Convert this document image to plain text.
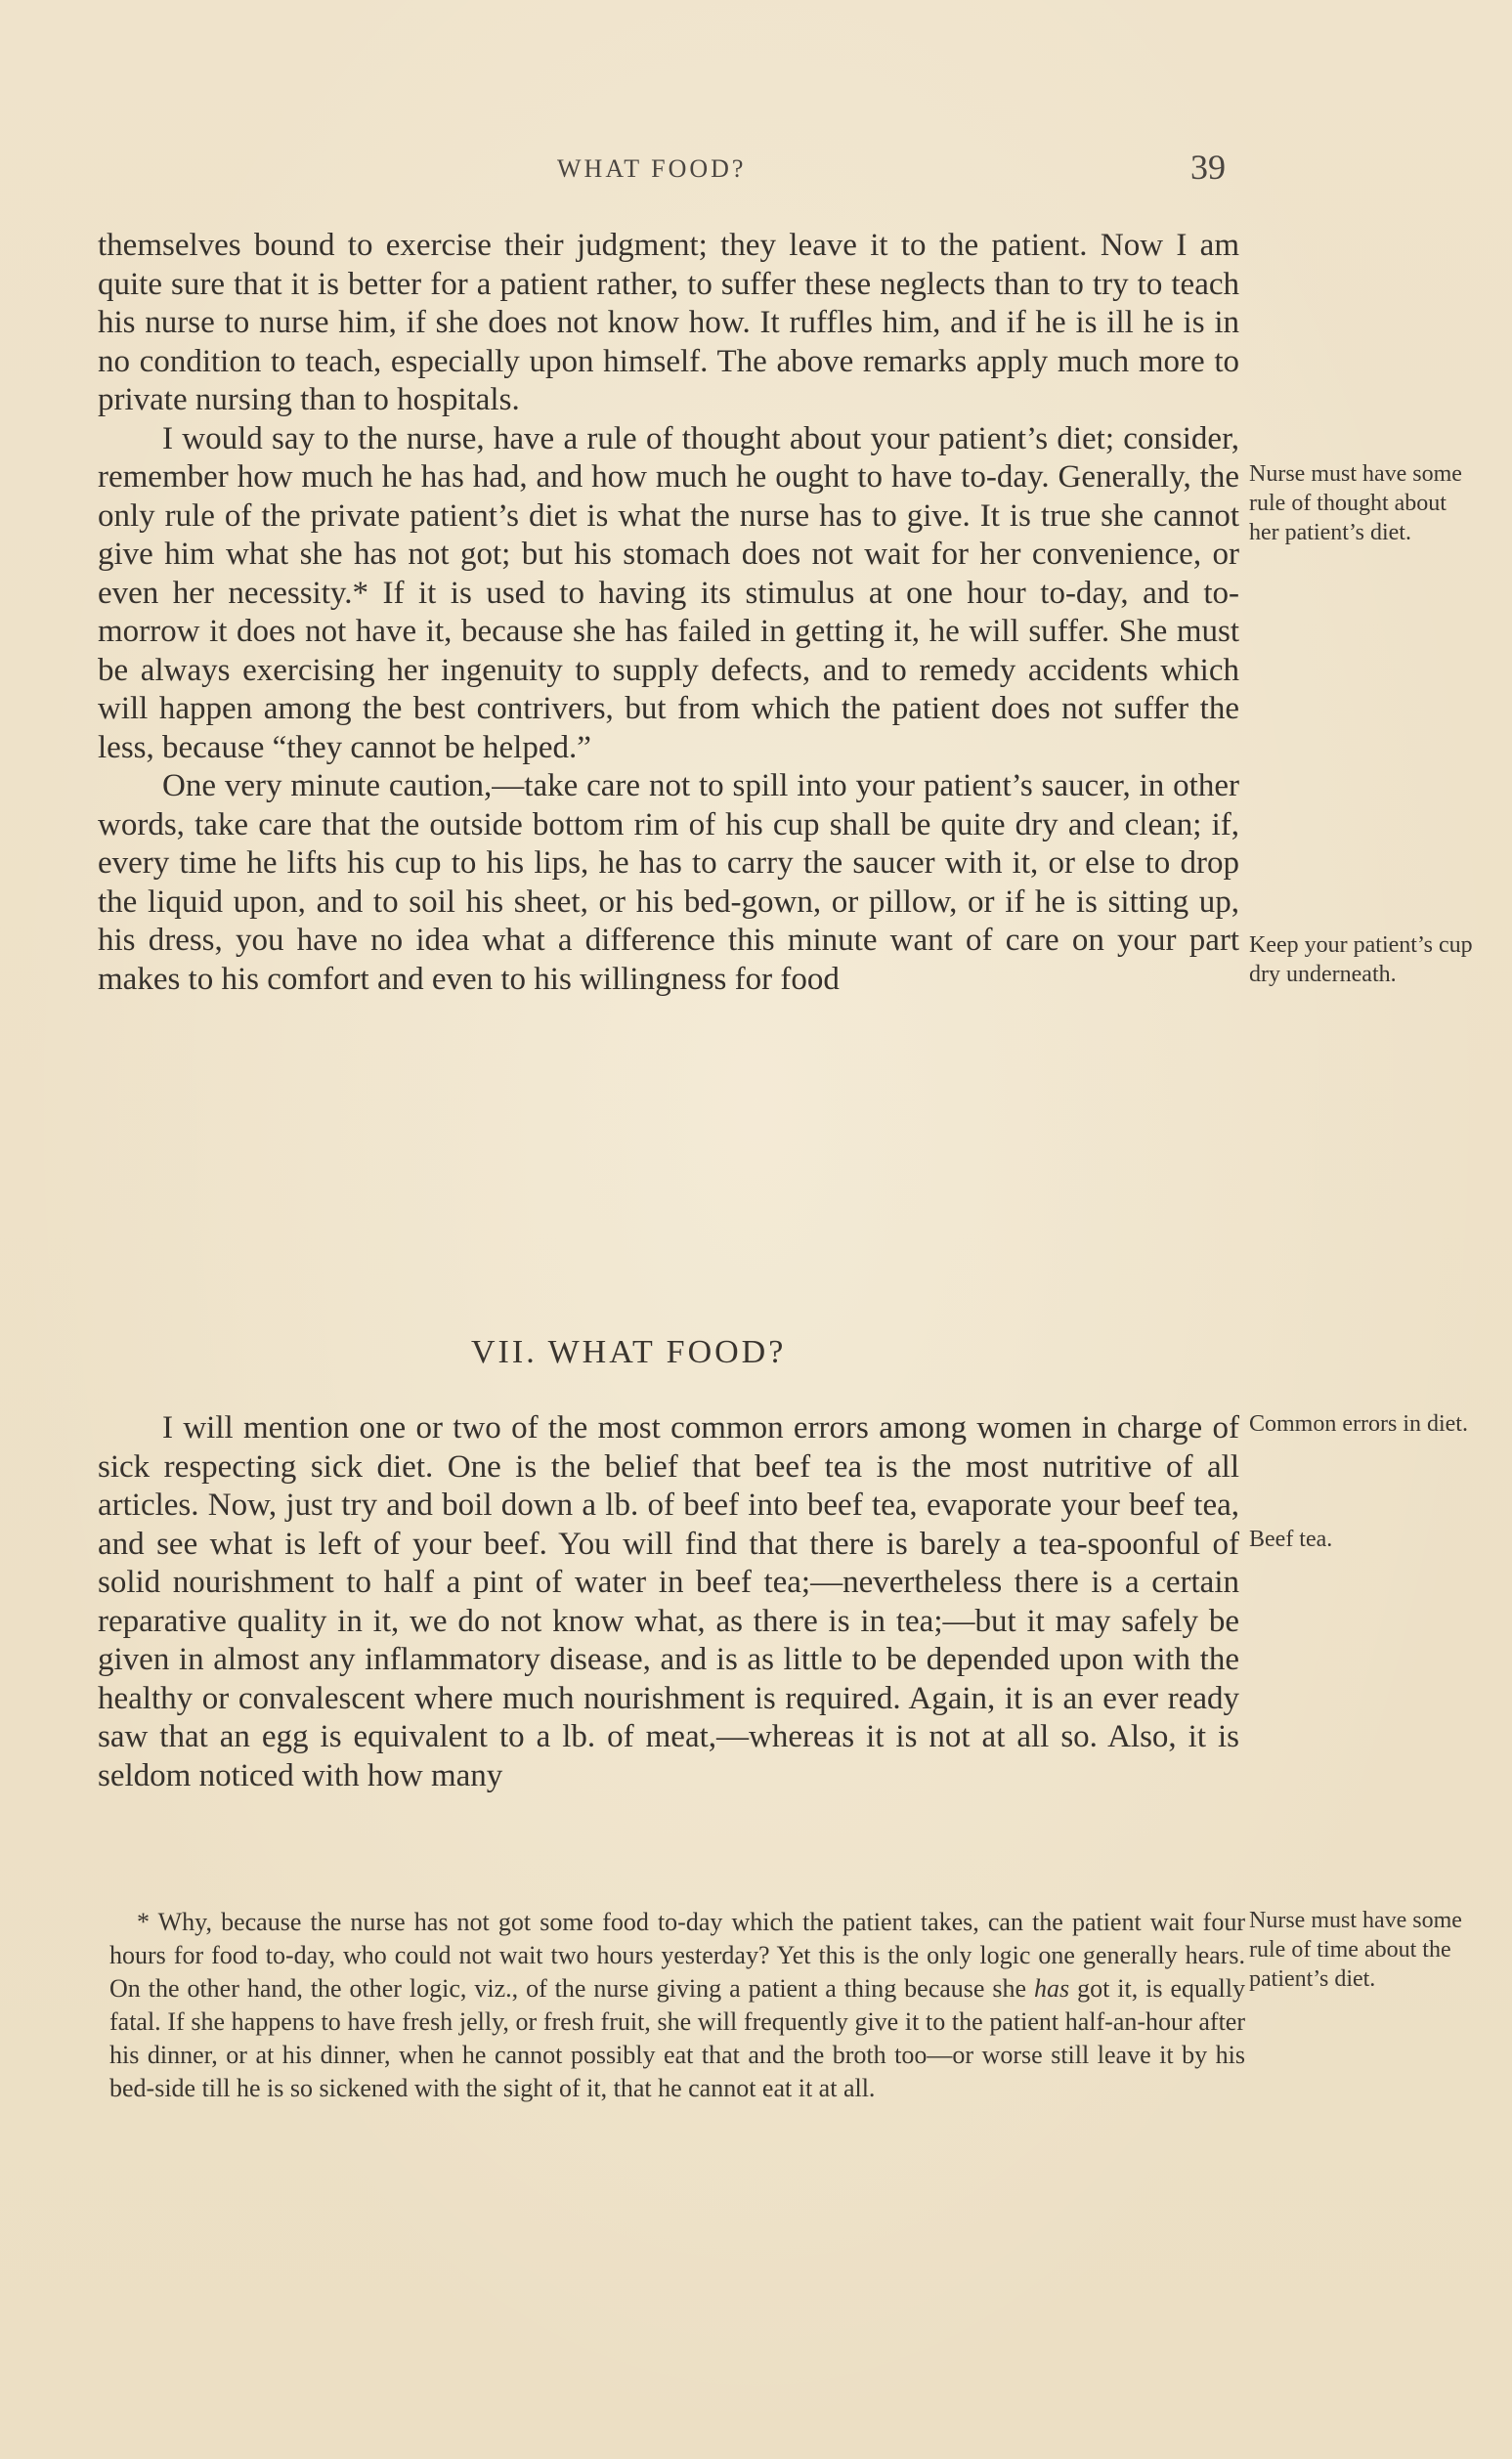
WHAT FOOD?	39

themselves bound to exercise their judgment; they leave it to the patient. Now I am quite sure that it is better for a patient rather, to suffer these neglects than to try to teach his nurse to nurse him, if she does not know how. It ruffles him, and if he is ill he is in no condition to teach, especially upon himself. The above remarks apply much more to private nursing than to hospitals.

I would say to the nurse, have a rule of thought about your patient’s diet; consider, remember how much he has had, and how much he ought to have to-day. Generally, the only rule of the private patient’s diet is what the nurse has to give. It is true she cannot give him what she has not got; but his stomach does not wait for her convenience, or even her necessity.* If it is used to having its stimulus at one hour to-day, and to-morrow it does not have it, because she has failed in getting it, he will suffer. She must be always exercising her ingenuity to supply defects, and to remedy accidents which will happen among the best contrivers, but from which the patient does not suffer the less, because “they cannot be helped.”

One very minute caution,—take care not to spill into your patient’s saucer, in other words, take care that the outside bottom rim of his cup shall be quite dry and clean; if, every time he lifts his cup to his lips, he has to carry the saucer with it, or else to drop the liquid upon, and to soil his sheet, or his bed-gown, or pillow, or if he is sitting up, his dress, you have no idea what a difference this minute want of care on your part makes to his comfort and even to his willingness for food

Nurse must have some rule of thought about her patient’s diet.
Keep your patient’s cup dry underneath.
VII. WHAT FOOD?

I will mention one or two of the most common errors among women in charge of sick respecting sick diet. One is the belief that beef tea is the most nutritive of all articles. Now, just try and boil down a lb. of beef into beef tea, evaporate your beef tea, and see what is left of your beef. You will find that there is barely a tea-spoonful of solid nourishment to half a pint of water in beef tea;—nevertheless there is a certain reparative quality in it, we do not know what, as there is in tea;—but it may safely be given in almost any inflammatory disease, and is as little to be depended upon with the healthy or convalescent where much nourishment is required. Again, it is an ever ready saw that an egg is equivalent to a lb. of meat,—whereas it is not at all so. Also, it is seldom noticed with how many

Common errors in diet.
Beef tea.

* Why, because the nurse has not got some food to-day which the patient takes, can the patient wait four hours for food to-day, who could not wait two hours yesterday? Yet this is the only logic one generally hears. On the other hand, the other logic, viz., of the nurse giving a patient a thing because she has got it, is equally fatal. If she happens to have fresh jelly, or fresh fruit, she will frequently give it to the patient half-an-hour after his dinner, or at his dinner, when he cannot possibly eat that and the broth too—or worse still leave it by his bed-side till he is so sickened with the sight of it, that he cannot eat it at all.

Nurse must have some rule of time about the patient’s diet.
